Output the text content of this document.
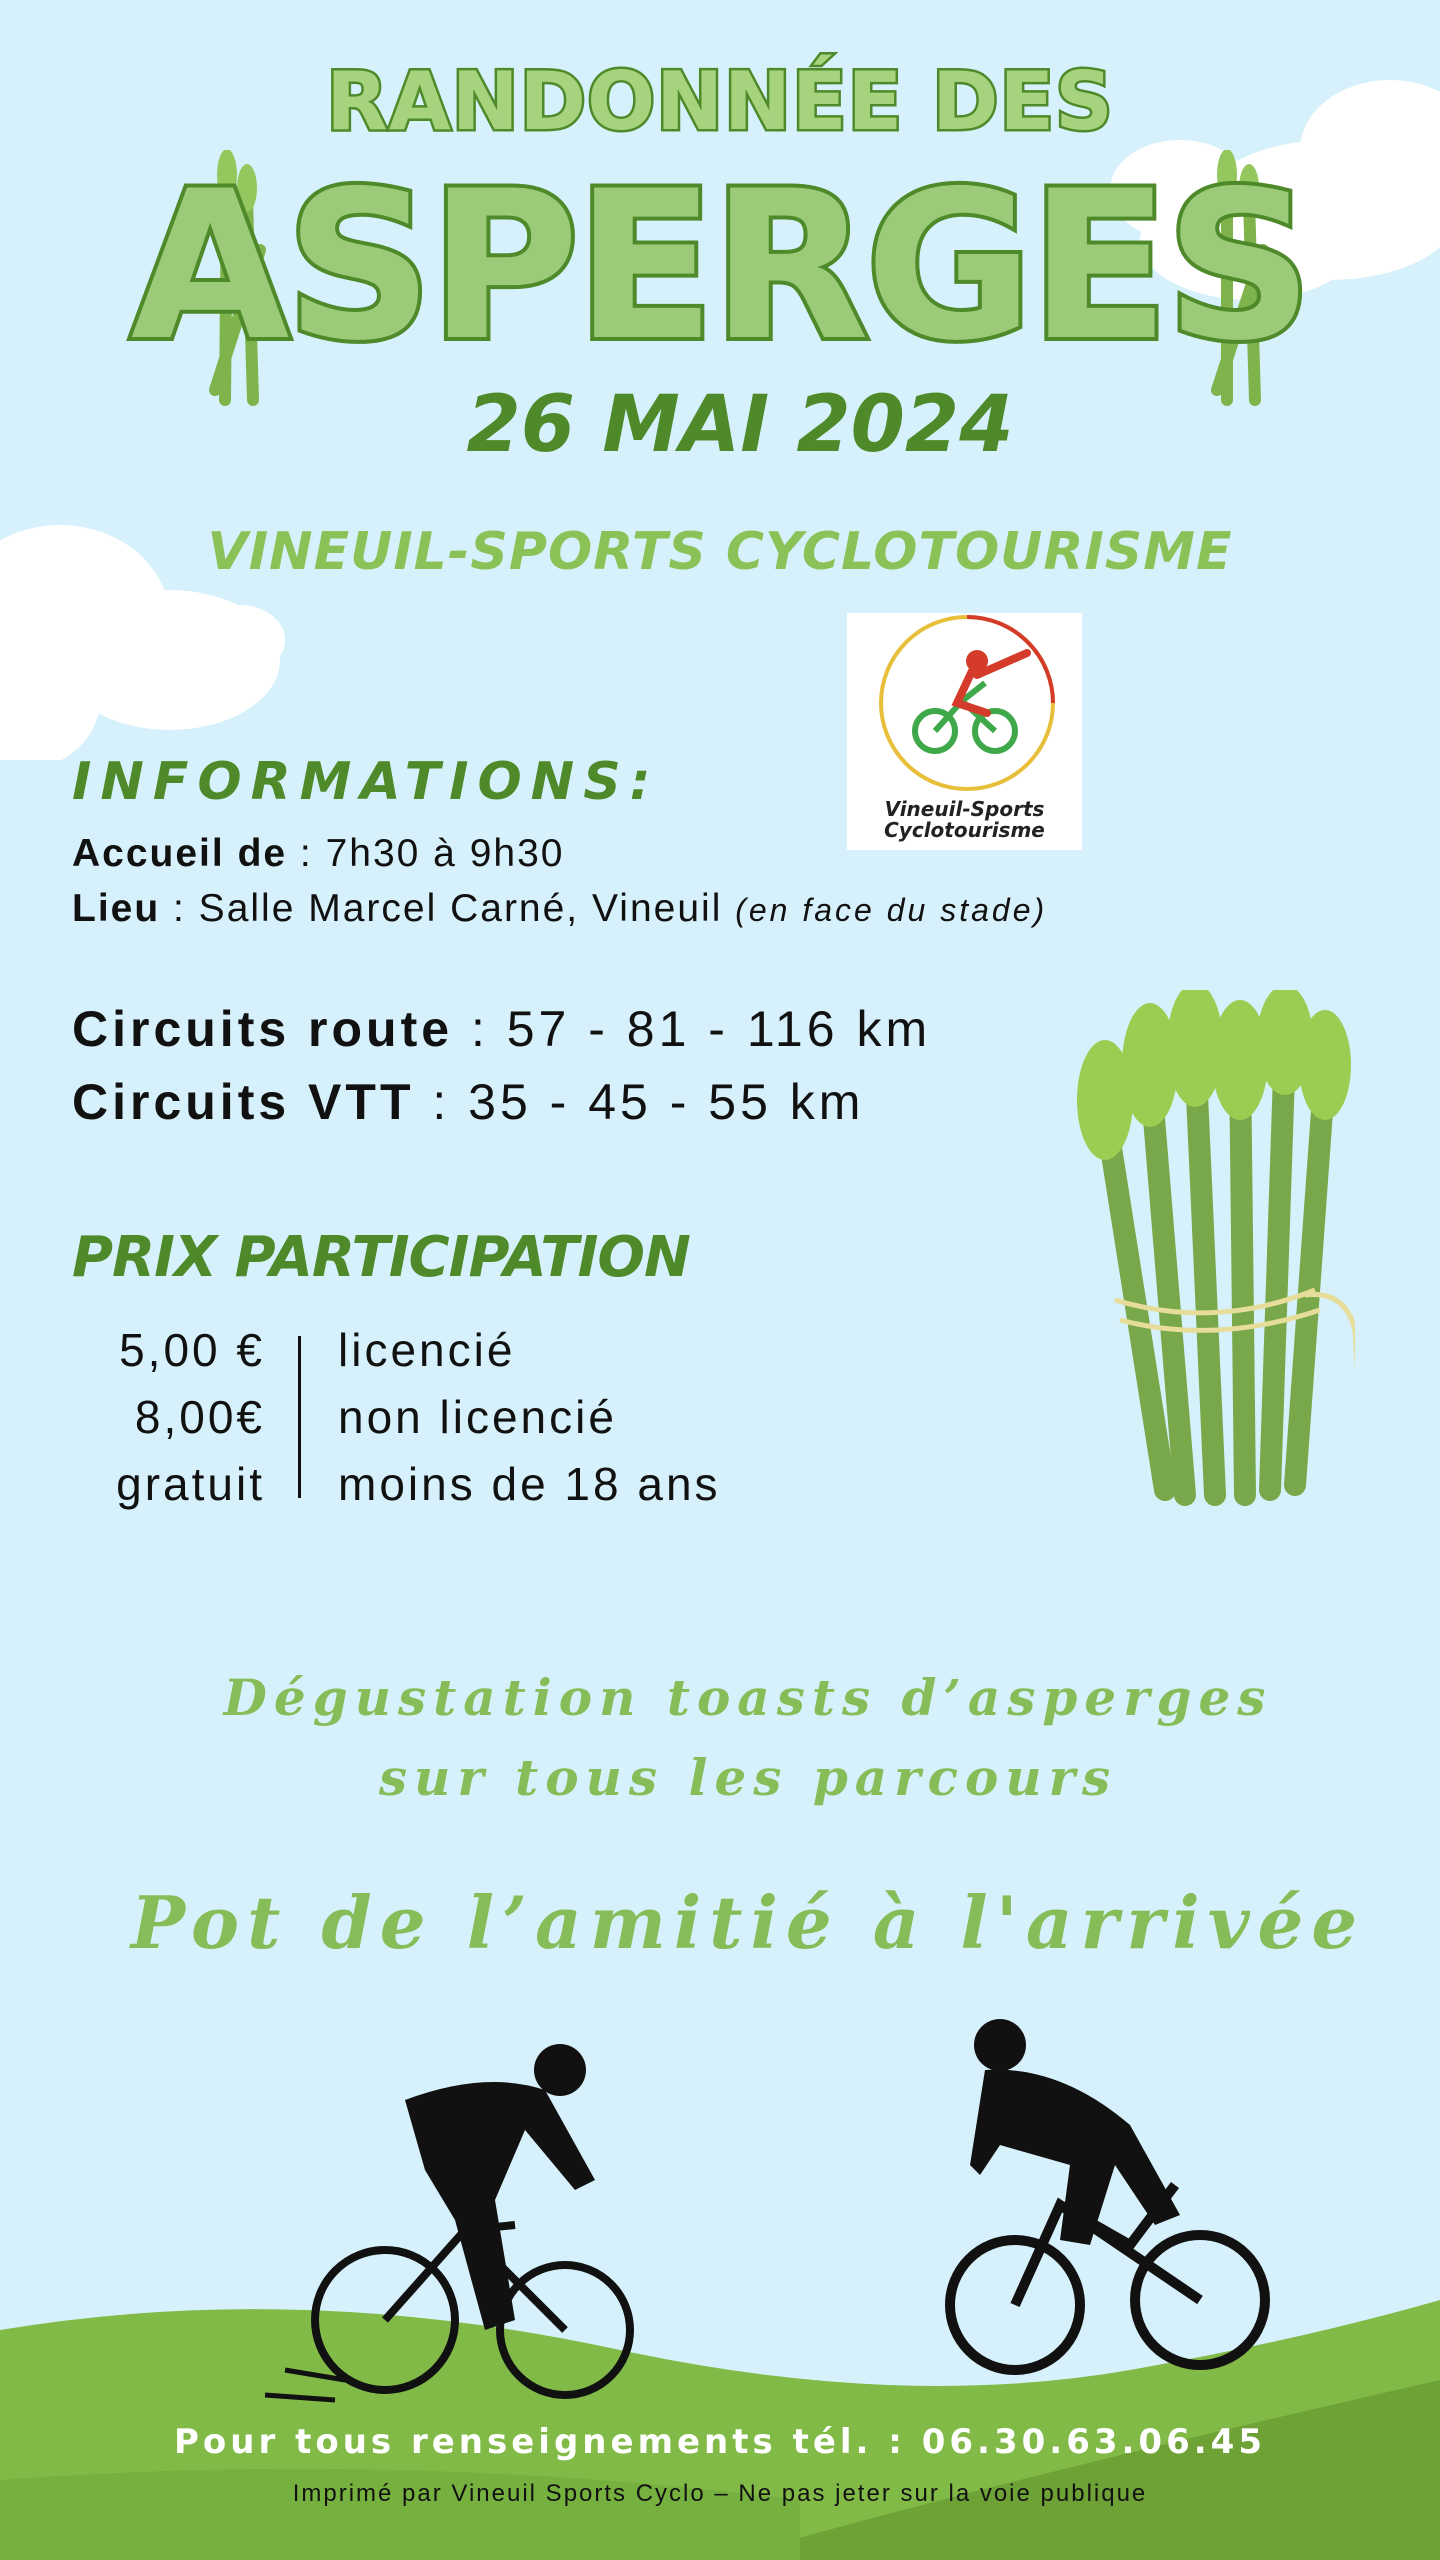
RANDONNÉE DES
ASPERGES
26 MAI 2024
VINEUIL-SPORTS CYCLOTOURISME
Vineuil-Sports
Cyclotourisme
INFORMATIONS:
Accueil de : 7h30 à 9h30
Lieu : Salle Marcel Carné, Vineuil (en face du stade)
Circuits route : 57 - 81 - 116 km
Circuits VTT : 35 - 45 - 55 km
PRIX PARTICIPATION
5,00 € licencié
8,00€ non licencié
gratuit moins de 18 ans
Dégustation toasts d’asperges
sur tous les parcours
Pot de l’amitié à l'arrivée
Pour tous renseignements tél. : 06.30.63.06.45
Imprimé par Vineuil Sports Cyclo – Ne pas jeter sur la voie publique
